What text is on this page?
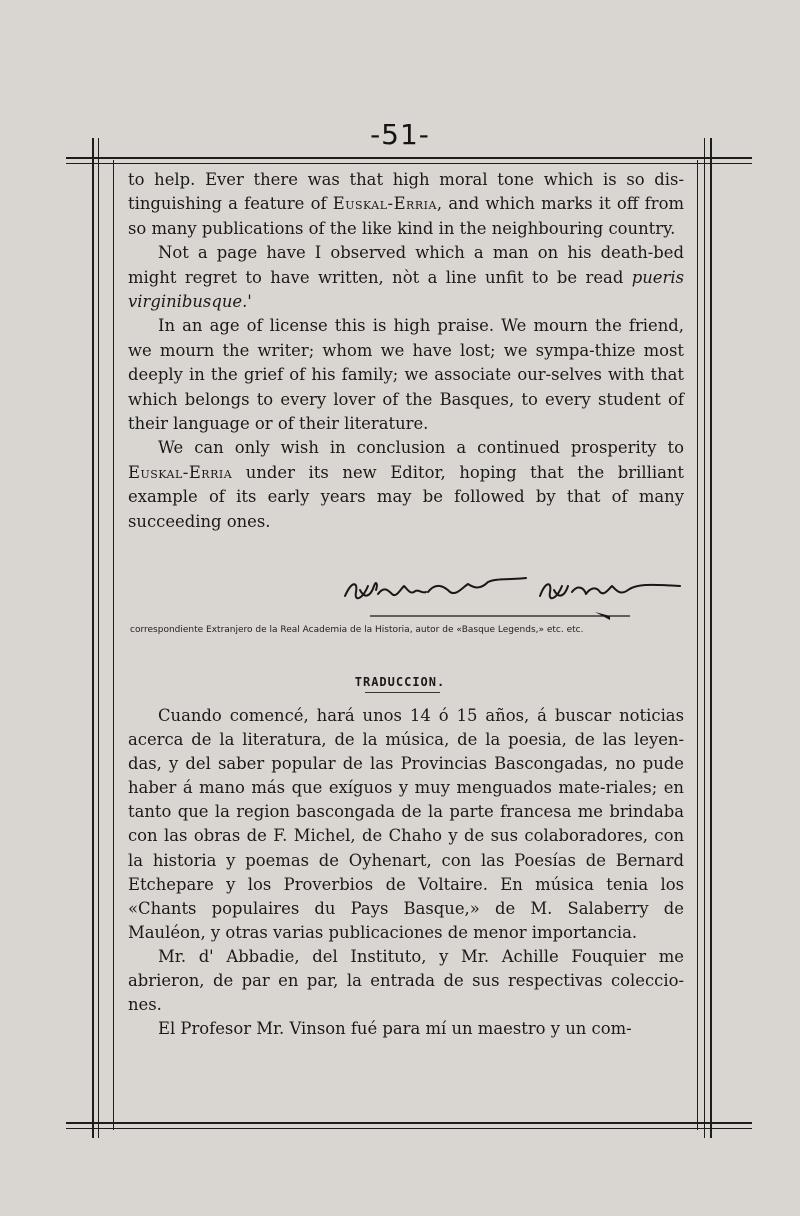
-51-

to help. Ever there was that high moral tone which is so dis-tinguishing a feature of Euskal-Erria, and which marks it off from so many publications of the like kind in the neighbouring country.

Not a page have I observed which a man on his death-bed might regret to have written, nòt a line unfit to be read pueris virginibusque.'

In an age of license this is high praise. We mourn the friend, we mourn the writer; whom we have lost; we sympa-thize most deeply in the grief of his family; we associate our-selves with that which belongs to every lover of the Basques, to every student of their language or of their literature.

We can only wish in conclusion a continued prosperity to Euskal-Erria under its new Editor, hoping that the brilliant example of its early years may be followed by that of many succeeding ones.

correspondiente Extranjero de la Real Academia de la Historia, autor de «Basque Legends,» etc. etc.
TRADUCCION.

Cuando comencé, hará unos 14 ó 15 años, á buscar noticias acerca de la literatura, de la música, de la poesia, de las leyen-das, y del saber popular de las Provincias Bascongadas, no pude haber á mano más que exíguos y muy menguados mate-riales; en tanto que la region bascongada de la parte francesa me brindaba con las obras de F. Michel, de Chaho y de sus colaboradores, con la historia y poemas de Oyhenart, con las Poesías de Bernard Etchepare y los Proverbios de Voltaire. En música tenia los «Chants populaires du Pays Basque,» de M. Salaberry de Mauléon, y otras varias publicaciones de menor importancia.

Mr. d' Abbadie, del Instituto, y Mr. Achille Fouquier me abrieron, de par en par, la entrada de sus respectivas coleccio-nes.

El Profesor Mr. Vinson fué para mí un maestro y un com-
